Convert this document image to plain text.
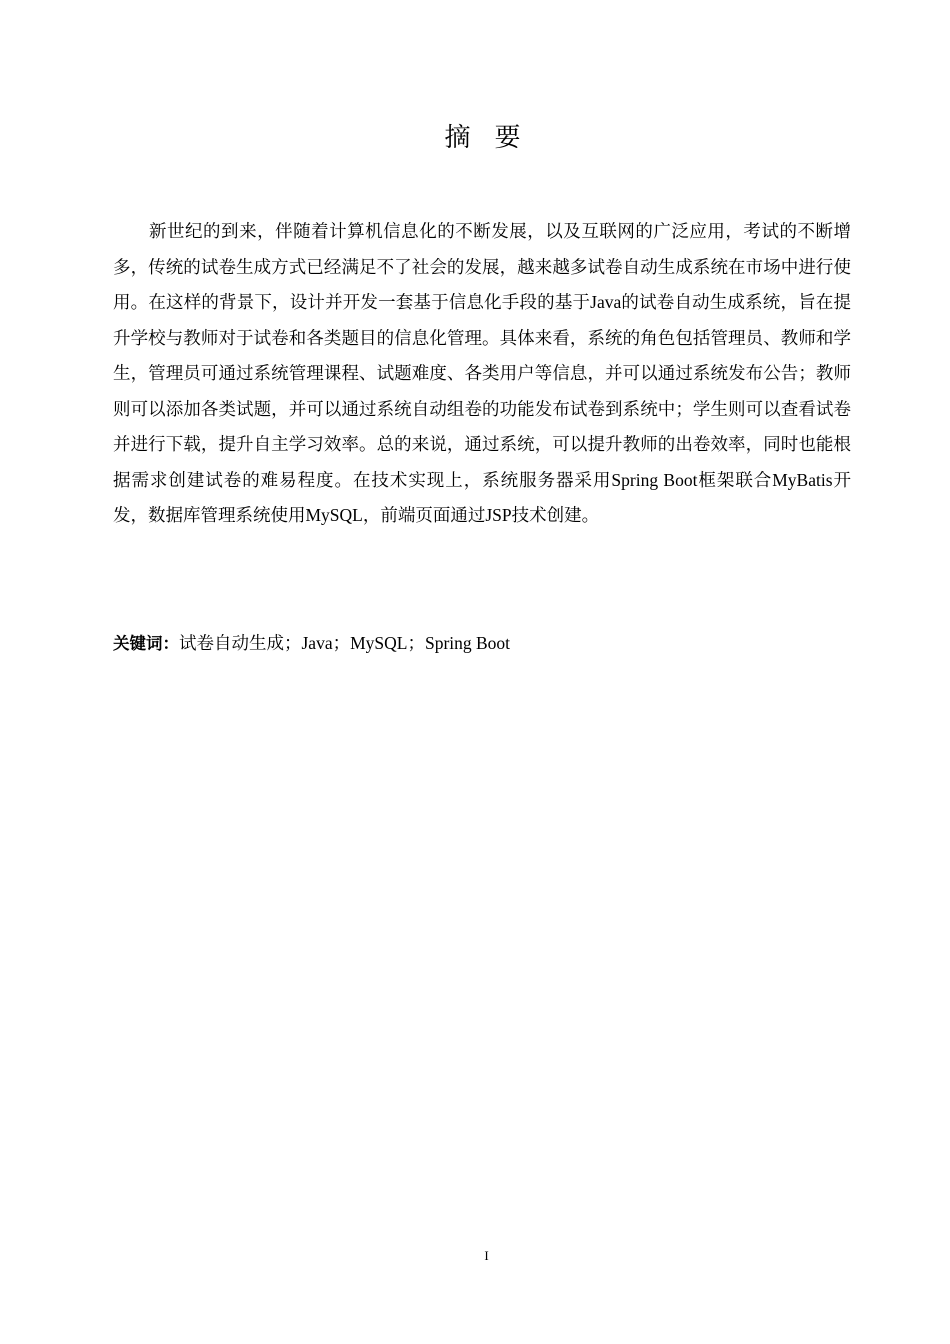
摘 要

新世纪的到来，伴随着计算机信息化的不断发展，以及互联网的广泛应用，考试的不断增多，传统的试卷生成方式已经满足不了社会的发展，越来越多试卷自动生成系统在市场中进行使用。在这样的背景下，设计并开发一套基于信息化手段的基于Java的试卷自动生成系统，旨在提升学校与教师对于试卷和各类题目的信息化管理。具体来看，系统的角色包括管理员、教师和学生，管理员可通过系统管理课程、试题难度、各类用户等信息，并可以通过系统发布公告；教师则可以添加各类试题，并可以通过系统自动组卷的功能发布试卷到系统中；学生则可以查看试卷并进行下载，提升自主学习效率。总的来说，通过系统，可以提升教师的出卷效率，同时也能根据需求创建试卷的难易程度。在技术实现上，系统服务器采用Spring Boot框架联合MyBatis开发，数据库管理系统使用MySQL，前端页面通过JSP技术创建。

关键词：试卷自动生成；Java；MySQL；Spring Boot

I
